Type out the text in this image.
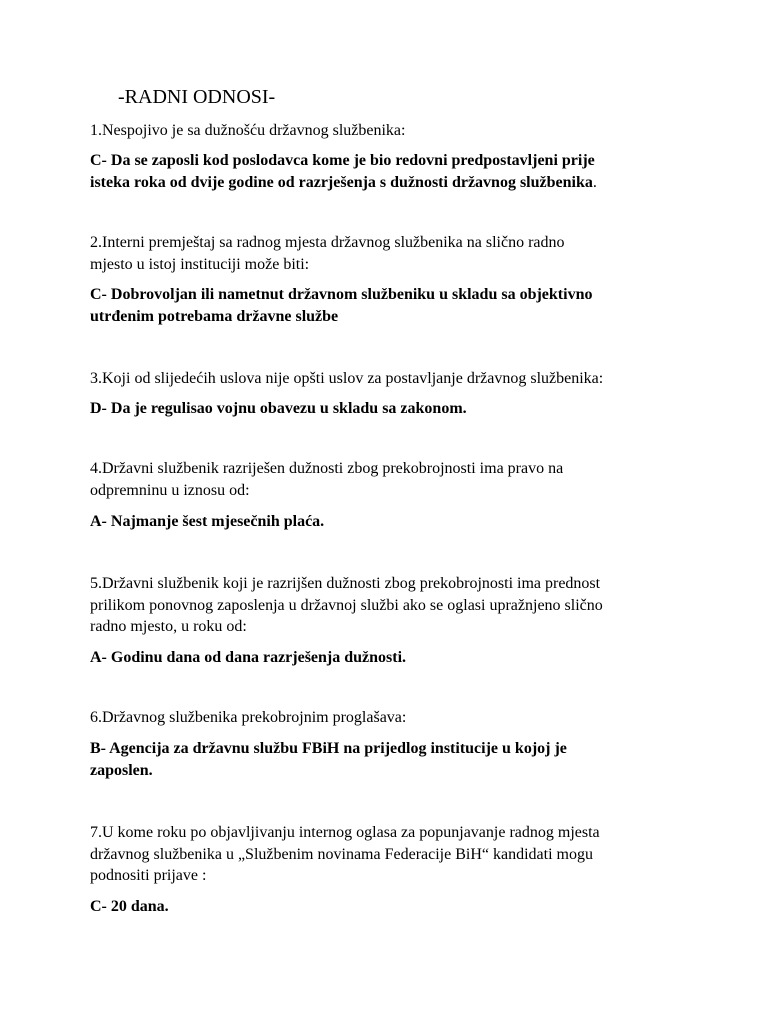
-RADNI ODNOSI-
1.Nespojivo je sa dužnošću državnog službenika:
C- Da se zaposli kod poslodavca kome je bio redovni predpostavljeni prije
isteka roka od dvije godine od razrješenja s dužnosti državnog službenika.
2.Interni premještaj sa radnog mjesta državnog službenika na slično radno
mjesto u istoj instituciji može biti:
C- Dobrovoljan ili nametnut državnom službeniku u skladu sa objektivno
utrđenim potrebama državne službe
3.Koji od slijedećih uslova nije opšti uslov za postavljanje državnog službenika:
D- Da je regulisao vojnu obavezu u skladu sa zakonom.
4.Državni službenik razriješen dužnosti zbog prekobrojnosti ima pravo na
odpremninu u iznosu od:
A- Najmanje šest mjesečnih plaća.
5.Državni službenik koji je razrijšen dužnosti zbog prekobrojnosti ima prednost
prilikom ponovnog zaposlenja u državnoj službi ako se oglasi upražnjeno slično
radno mjesto, u roku od:
A- Godinu dana od dana razrješenja dužnosti.
6.Državnog službenika prekobrojnim proglašava:
B- Agencija za državnu službu FBiH na prijedlog institucije u kojoj je
zaposlen.
7.U kome roku po objavljivanju internog oglasa za popunjavanje radnog mjesta
državnog službenika u „Službenim novinama Federacije BiH“ kandidati mogu
podnositi prijave :
C- 20 dana.
